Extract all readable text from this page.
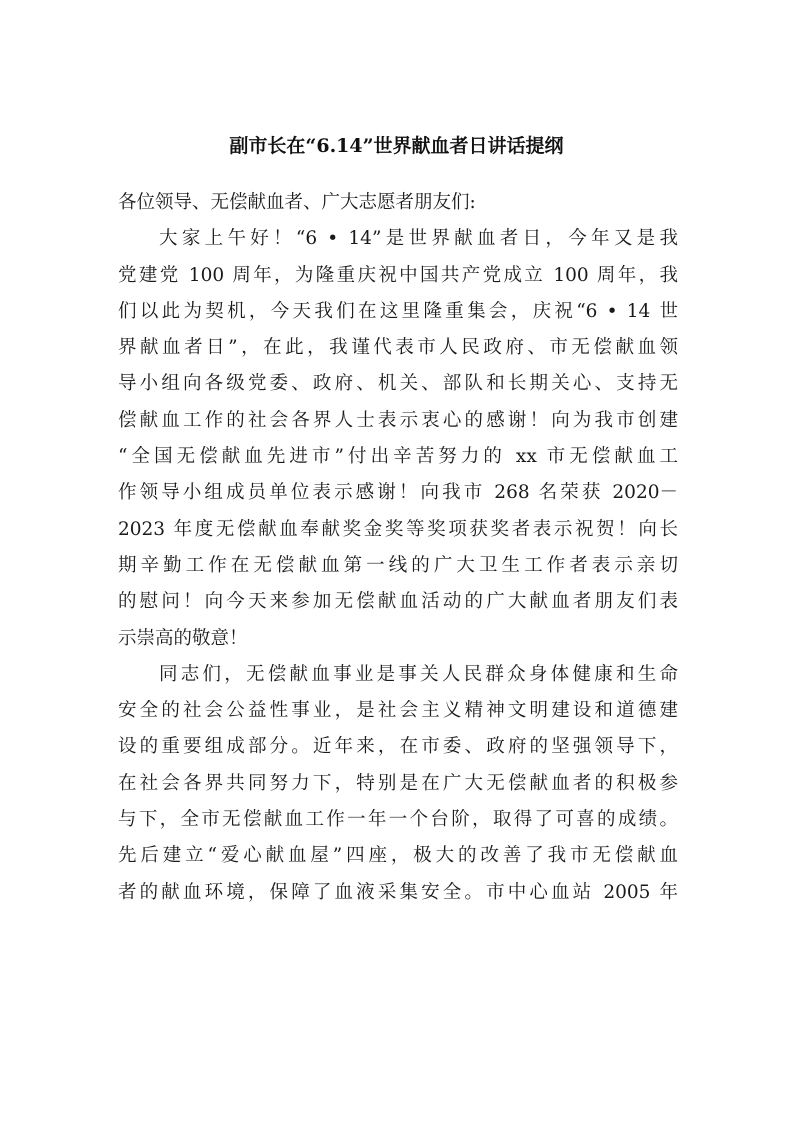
副市长在“6.14”世界献血者日讲话提纲
各位领导、无偿献血者、广大志愿者朋友们:
大家上午好！“6 • 14”是世界献血者日，今年又是我
党建党 100 周年，为隆重庆祝中国共产党成立 100 周年，我
们以此为契机，今天我们在这里隆重集会，庆祝“6 • 14 世
界献血者日”，在此，我谨代表市人民政府、市无偿献血领
导小组向各级党委、政府、机关、部队和长期关心、支持无
偿献血工作的社会各界人士表示衷心的感谢！向为我市创建
“全国无偿献血先进市”付出辛苦努力的 xx 市无偿献血工
作领导小组成员单位表示感谢！向我市 268 名荣获 2020－
2023 年度无偿献血奉献奖金奖等奖项获奖者表示祝贺！向长
期辛勤工作在无偿献血第一线的广大卫生工作者表示亲切
的慰问！向今天来参加无偿献血活动的广大献血者朋友们表
示崇高的敬意！
同志们，无偿献血事业是事关人民群众身体健康和生命
安全的社会公益性事业，是社会主义精神文明建设和道德建
设的重要组成部分。近年来，在市委、政府的坚强领导下，
在社会各界共同努力下，特别是在广大无偿献血者的积极参
与下，全市无偿献血工作一年一个台阶，取得了可喜的成绩。
先后建立“爱心献血屋”四座，极大的改善了我市无偿献血
者的献血环境，保障了血液采集安全。市中心血站 2005 年
